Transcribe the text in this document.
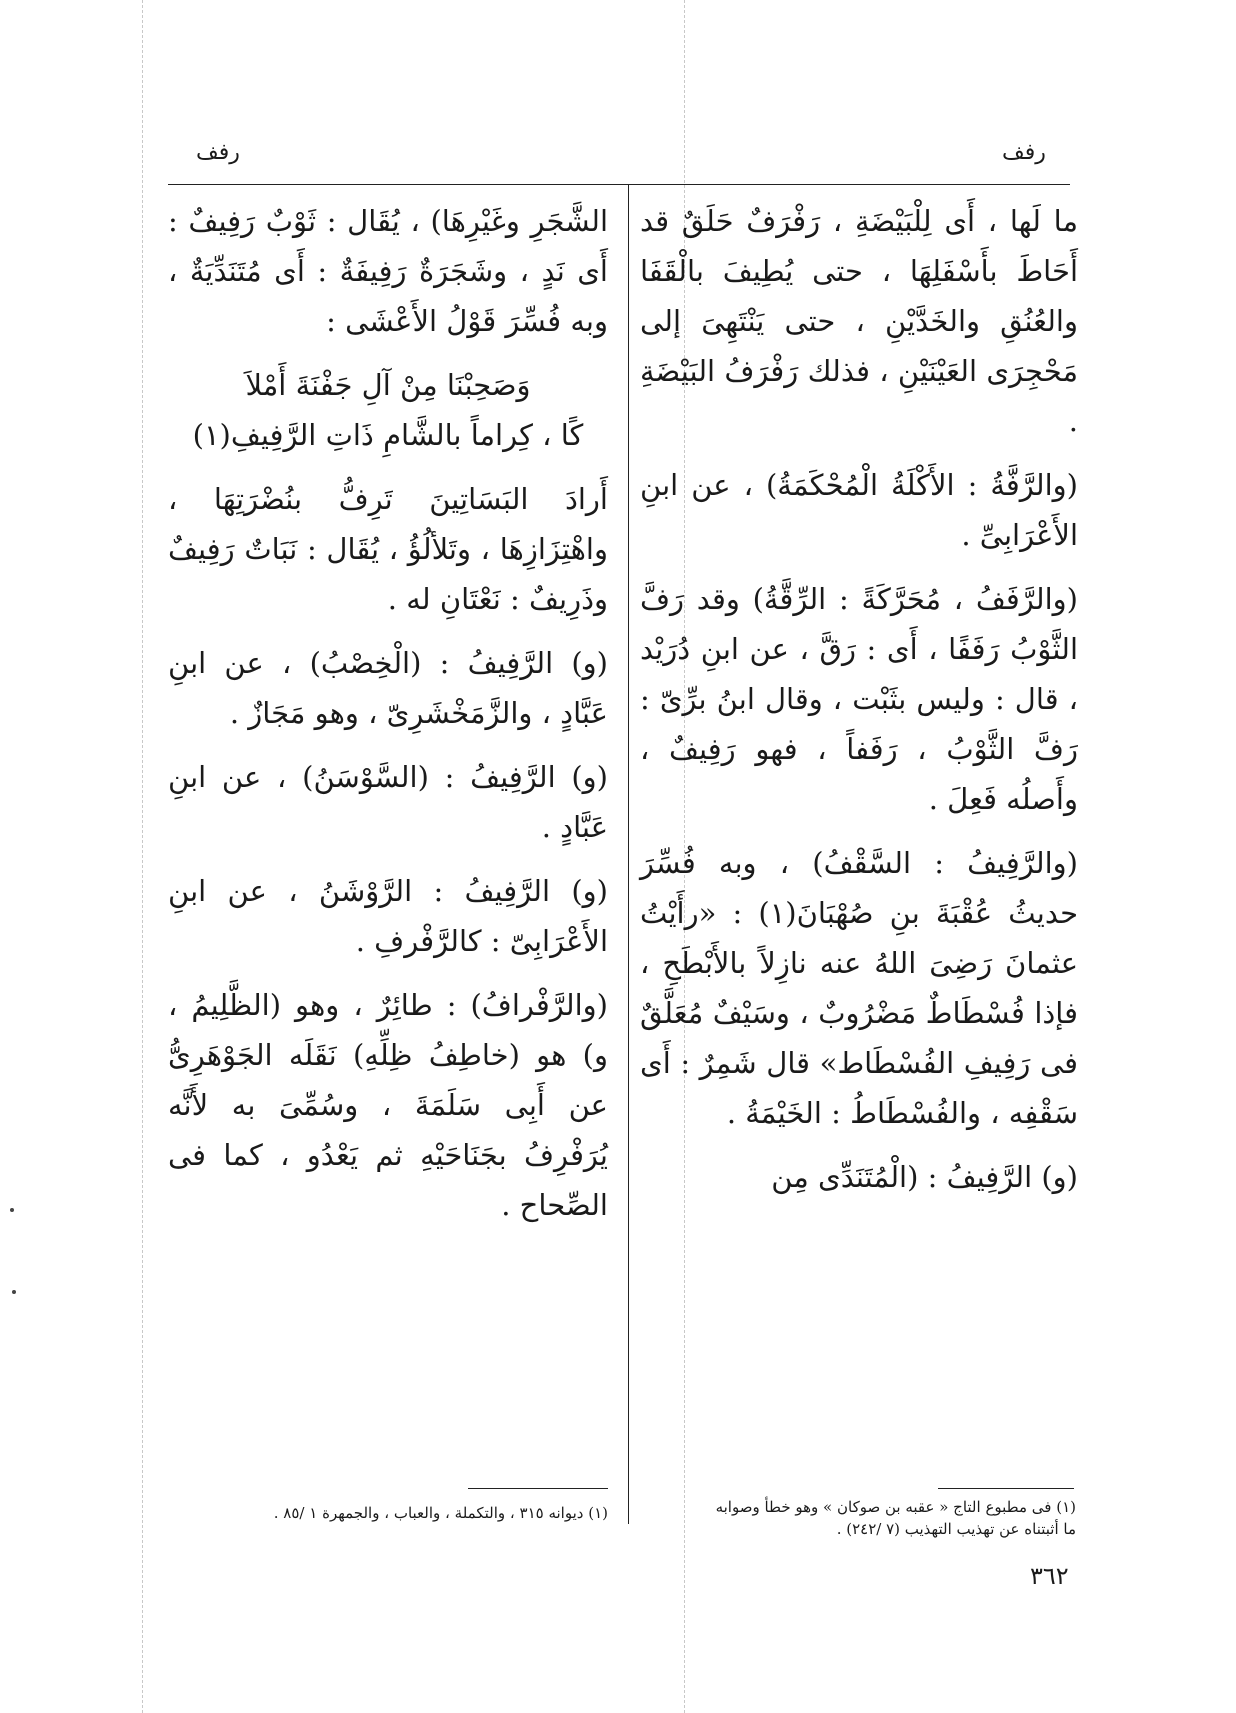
رفف	رفف

ما لَها ، أَى لِلْبَيْضَةِ ، رَفْرَفٌ حَلَقٌ قد أَحَاطَ بأَسْفَلِهَا ، حتى يُطِيفَ بالْقَفَا والعُنُقِ والخَدَّيْنِ ، حتى يَنْتَهِىَ إلى مَحْجِرَى العَيْنَيْنِ ، فذلك رَفْرَفُ البَيْضَةِ .

(والرَّفَّةُ : الأَكْلَةُ الْمُحْكَمَةُ) ، عن ابنِ الأَعْرَابِىِّ .

(والرَّفَفُ ، مُحَرَّكَةً : الرِّقَّةُ) وقد رَفَّ الثَّوْبُ رَفَفًا ، أَى : رَقَّ ، عن ابنِ دُرَيْد ، قال : وليس بثَبْت ، وقال ابنُ برِّىّ : رَفَّ الثَّوْبُ ، رَفَفاً ، فهو رَفِيفٌ ، وأَصلُه فَعِلَ .

(والرَّفِيفُ : السَّقْفُ) ، وبه فُسِّرَ حديثُ عُقْبَةَ بنِ صُهْبَانَ(١) : «رأَيْتُ عثمانَ رَضِىَ اللهُ عنه نازِلاً بالأَبْطَحِ ، فإذا فُسْطَاطٌ مَضْرُوبٌ ، وسَيْفٌ مُعَلَّقٌ فى رَفِيفِ الفُسْطَاط» قال شَمِرٌ : أَى سَقْفِه ، والفُسْطَاطُ : الخَيْمَةُ .

(و) الرَّفِيفُ : (الْمُتَنَدِّى مِن

الشَّجَرِ وغَيْرِهَا) ، يُقَال : ثَوْبٌ رَفِيفٌ : أَى نَدٍ ، وشَجَرَةٌ رَفِيفَةٌ : أَى مُتَنَدِّيَةٌ ، وبه فُسِّرَ قَوْلُ الأَعْشَى :

وَصَحِبْنَا مِنْ آلِ جَفْنَةَ أَمْلاَ

كًا ، كِراماً بالشَّامِ ذَاتِ الرَّفِيفِ(١)

أَرادَ البَسَاتِينَ تَرِفُّ بنُضْرَتِهَا ، واهْتِزَازِهَا ، وتَلألُؤُ ، يُقَال : نَبَاتٌ رَفِيفٌ وذَرِيفٌ : نَعْتَانِ له .

(و) الرَّفِيفُ : (الْخِصْبُ) ، عن ابنِ عَبَّادٍ ، والزَّمَخْشَرِىّ ، وهو مَجَازٌ .

(و) الرَّفِيفُ : (السَّوْسَنُ) ، عن ابنِ عَبَّادٍ .

(و) الرَّفِيفُ : الرَّوْشَنُ ، عن ابنِ الأَعْرَابِىّ : كالرَّفْرفِ .

(والرَّفْرافُ) : طائِرٌ ، وهو (الظَّلِيمُ ، و) هو (خاطِفُ ظِلِّهِ) نَقَلَه الجَوْهَرِىُّ عن أَبِى سَلَمَةَ ، وسُمِّىَ به لأَنَّه يُرَفْرِفُ بجَنَاحَيْهِ ثم يَعْدُو ، كما فى الصِّحاح .

(١) فى مطبوع التاج « عقبه بن صوكان » وهو خطأ وصوابه ما أثبتناه عن تهذيب التهذيب (٧ /٢٤٢) .
(١) ديوانه ٣١٥ ، والتكملة ، والعباب ، والجمهرة ١ /٨٥ .
٣٦٢
